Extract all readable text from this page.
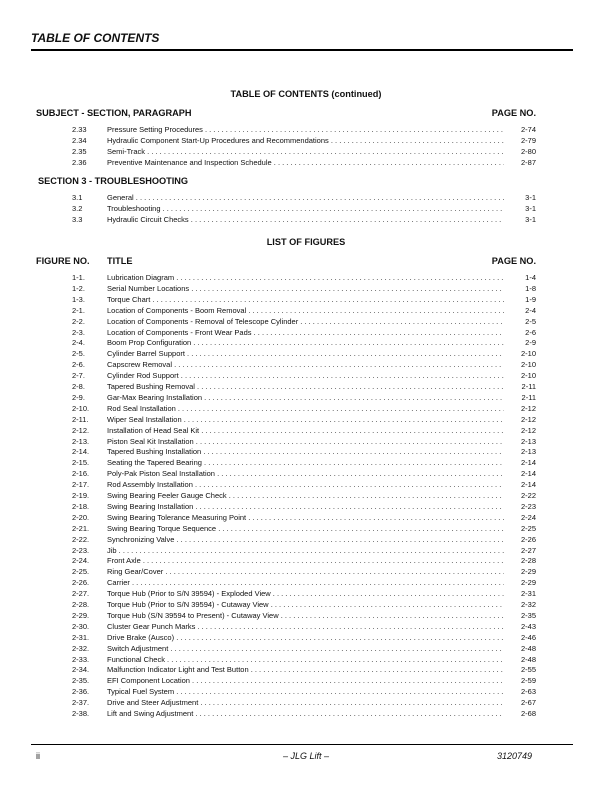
TABLE OF CONTENTS
TABLE OF CONTENTS (continued)
SUBJECT - SECTION, PARAGRAPH	PAGE NO.
2.33	Pressure Setting Procedures . . .	2-74
2.34	Hydraulic Component Start-Up Procedures and Recommendations . . .	2-79
2.35	Semi-Track . . .	2-80
2.36	Preventive Maintenance and Inspection Schedule . . .	2-87
SECTION 3 - TROUBLESHOOTING
3.1	General . . .	3-1
3.2	Troubleshooting . . .	3-1
3.3	Hydraulic Circuit Checks . . .	3-1
LIST OF FIGURES
FIGURE NO. TITLE	PAGE NO.
1-1.	Lubrication Diagram . . .	1-4
1-2.	Serial Number Locations . . .	1-8
1-3.	Torque Chart . . .	1-9
2-1.	Location of Components - Boom Removal . . .	2-4
2-2.	Location of Components - Removal of Telescope Cylinder . . .	2-5
2-3.	Location of Components - Front Wear Pads . . .	2-6
2-4.	Boom Prop Configuration . . .	2-9
2-5.	Cylinder Barrel Support . . .	2-10
2-6.	Capscrew Removal . . .	2-10
2-7.	Cylinder Rod Support . . .	2-10
2-8.	Tapered Bushing Removal . . .	2-11
2-9.	Gar-Max Bearing Installation . . .	2-11
2-10. Rod Seal Installation . . .	2-12
2-11. Wiper Seal Installation . . .	2-12
2-12. Installation of Head Seal Kit . . .	2-12
2-13. Piston Seal Kit Installation . . .	2-13
2-14. Tapered Bushing Installation . . .	2-13
2-15. Seating the Tapered Bearing . . .	2-14
2-16. Poly-Pak Piston Seal Installation . . .	2-14
2-17. Rod Assembly Installation . . .	2-14
2-19. Swing Bearing Feeler Gauge Check . . .	2-22
2-18. Swing Bearing Installation . . .	2-23
2-20. Swing Bearing Tolerance Measuring Point . . .	2-24
2-21. Swing Bearing Torque Sequence . . .	2-25
2-22. Synchronizing Valve . . .	2-26
2-23. Jib . . .	2-27
2-24. Front Axle . . .	2-28
2-25. Ring Gear/Cover . . .	2-29
2-26. Carrier . . .	2-29
2-27. Torque Hub (Prior to S/N 39594) - Exploded View . . .	2-31
2-28. Torque Hub (Prior to S/N 39594) - Cutaway View . . .	2-32
2-29. Torque Hub (S/N 39594 to Present) - Cutaway View . . .	2-35
2-30. Cluster Gear Punch Marks . . .	2-43
2-31. Drive Brake (Ausco) . . .	2-46
2-32. Switch Adjustment . . .	2-48
2-33. Functional Check . . .	2-48
2-34. Malfunction Indicator Light and Test Button . . .	2-55
2-35. EFI Component Location . . .	2-59
2-36. Typical Fuel System . . .	2-63
2-37. Drive and Steer Adjustment . . .	2-67
2-38. Lift and Swing Adjustment . . .	2-68
ii	– JLG Lift –	3120749
